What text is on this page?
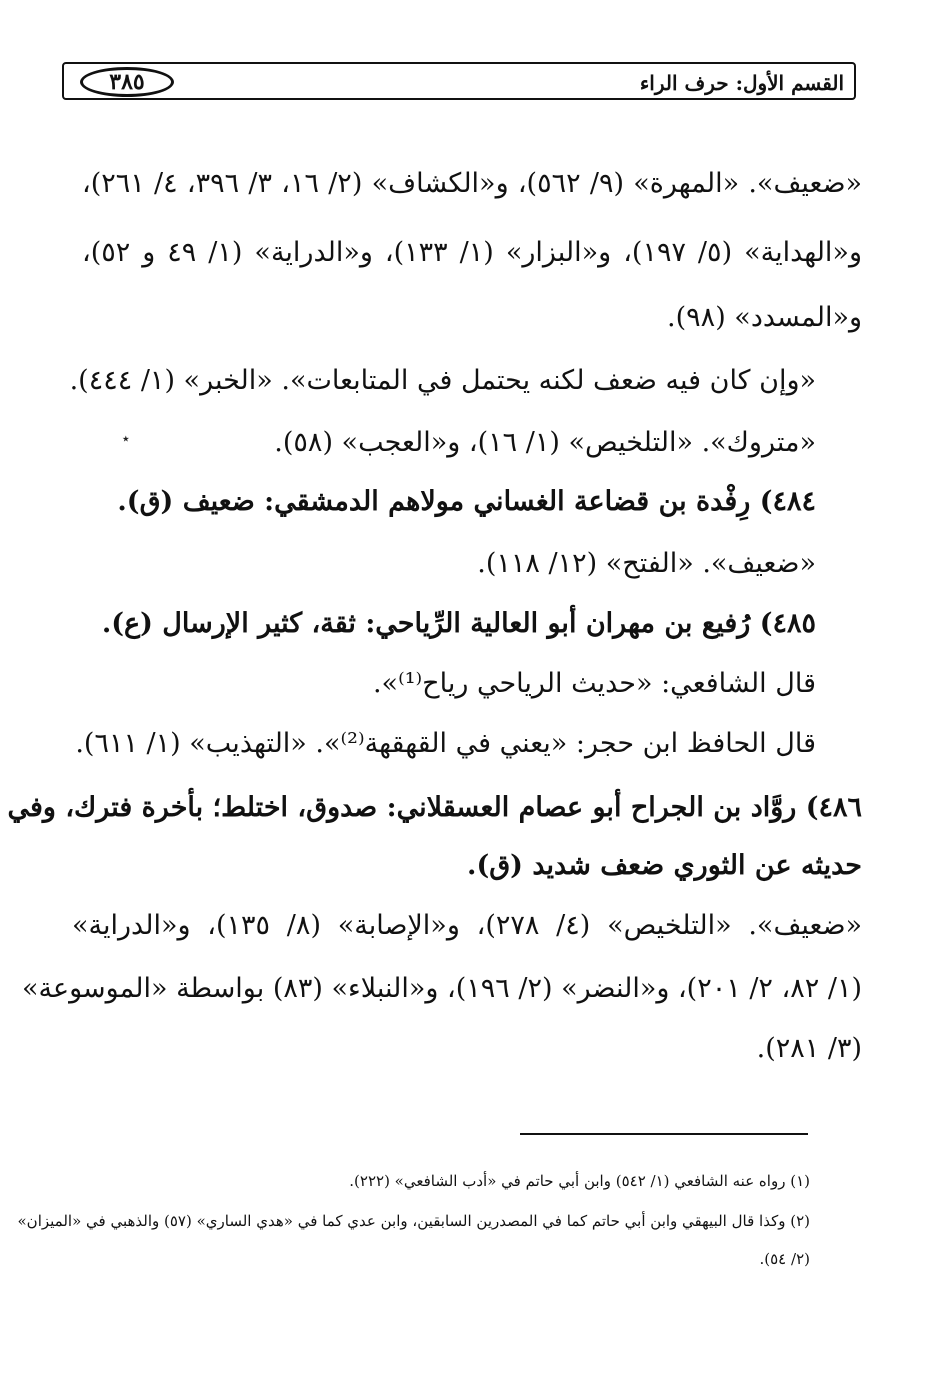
٣٨٥	القسم الأول: حرف الراء
«ضعيف». «المهرة» (٩/ ٥٦٢)، و«الكشاف» (٢/ ١٦، ٣/ ٣٩٦، ٤/ ٢٦١)،
و«الهداية» (٥/ ١٩٧)، و«البزار» (١/ ١٣٣)، و«الدراية» (١/ ٤٩ و ٥٢)،
و«المسدد» (٩٨).
«وإن كان فيه ضعف لكنه يحتمل في المتابعات». «الخبر» (١/ ٤٤٤).
«متروك». «التلخيص» (١/ ١٦)، و«العجب» (٥٨).
٤٨٤) رِفْدة بن قضاعة الغساني مولاهم الدمشقي: ضعيف (ق).
«ضعيف». «الفتح» (١٢/ ١١٨).
٤٨٥) رُفيع بن مهران أبو العالية الرِّياحي: ثقة، كثير الإرسال (ع).
قال الشافعي: «حديث الرياحي رياح⁽¹⁾».
قال الحافظ ابن حجر: «يعني في القهقهة⁽²⁾». «التهذيب» (١/ ٦١١).
٤٨٦) روَّاد بن الجراح أبو عصام العسقلاني: صدوق، اختلط؛ بأخرة فترك، وفي
حديثه عن الثوري ضعف شديد (ق).
«ضعيف». «التلخيص» (٤/ ٢٧٨)، و«الإصابة» (٨/ ١٣٥)، و«الدراية»
(١/ ٨٢، ٢/ ٢٠١)، و«النضر» (٢/ ١٩٦)، و«النبلاء» (٨٣) بواسطة «الموسوعة»
(٣/ ٢٨١).
٭
(١) رواه عنه الشافعي (١/ ٥٤٢) وابن أبي حاتم في «أدب الشافعي» (٢٢٢).
(٢) وكذا قال البيهقي وابن أبي حاتم كما في المصدرين السابقين، وابن عدي كما في «هدي الساري» (٥٧) والذهبي في «الميزان»
(٢/ ٥٤).
